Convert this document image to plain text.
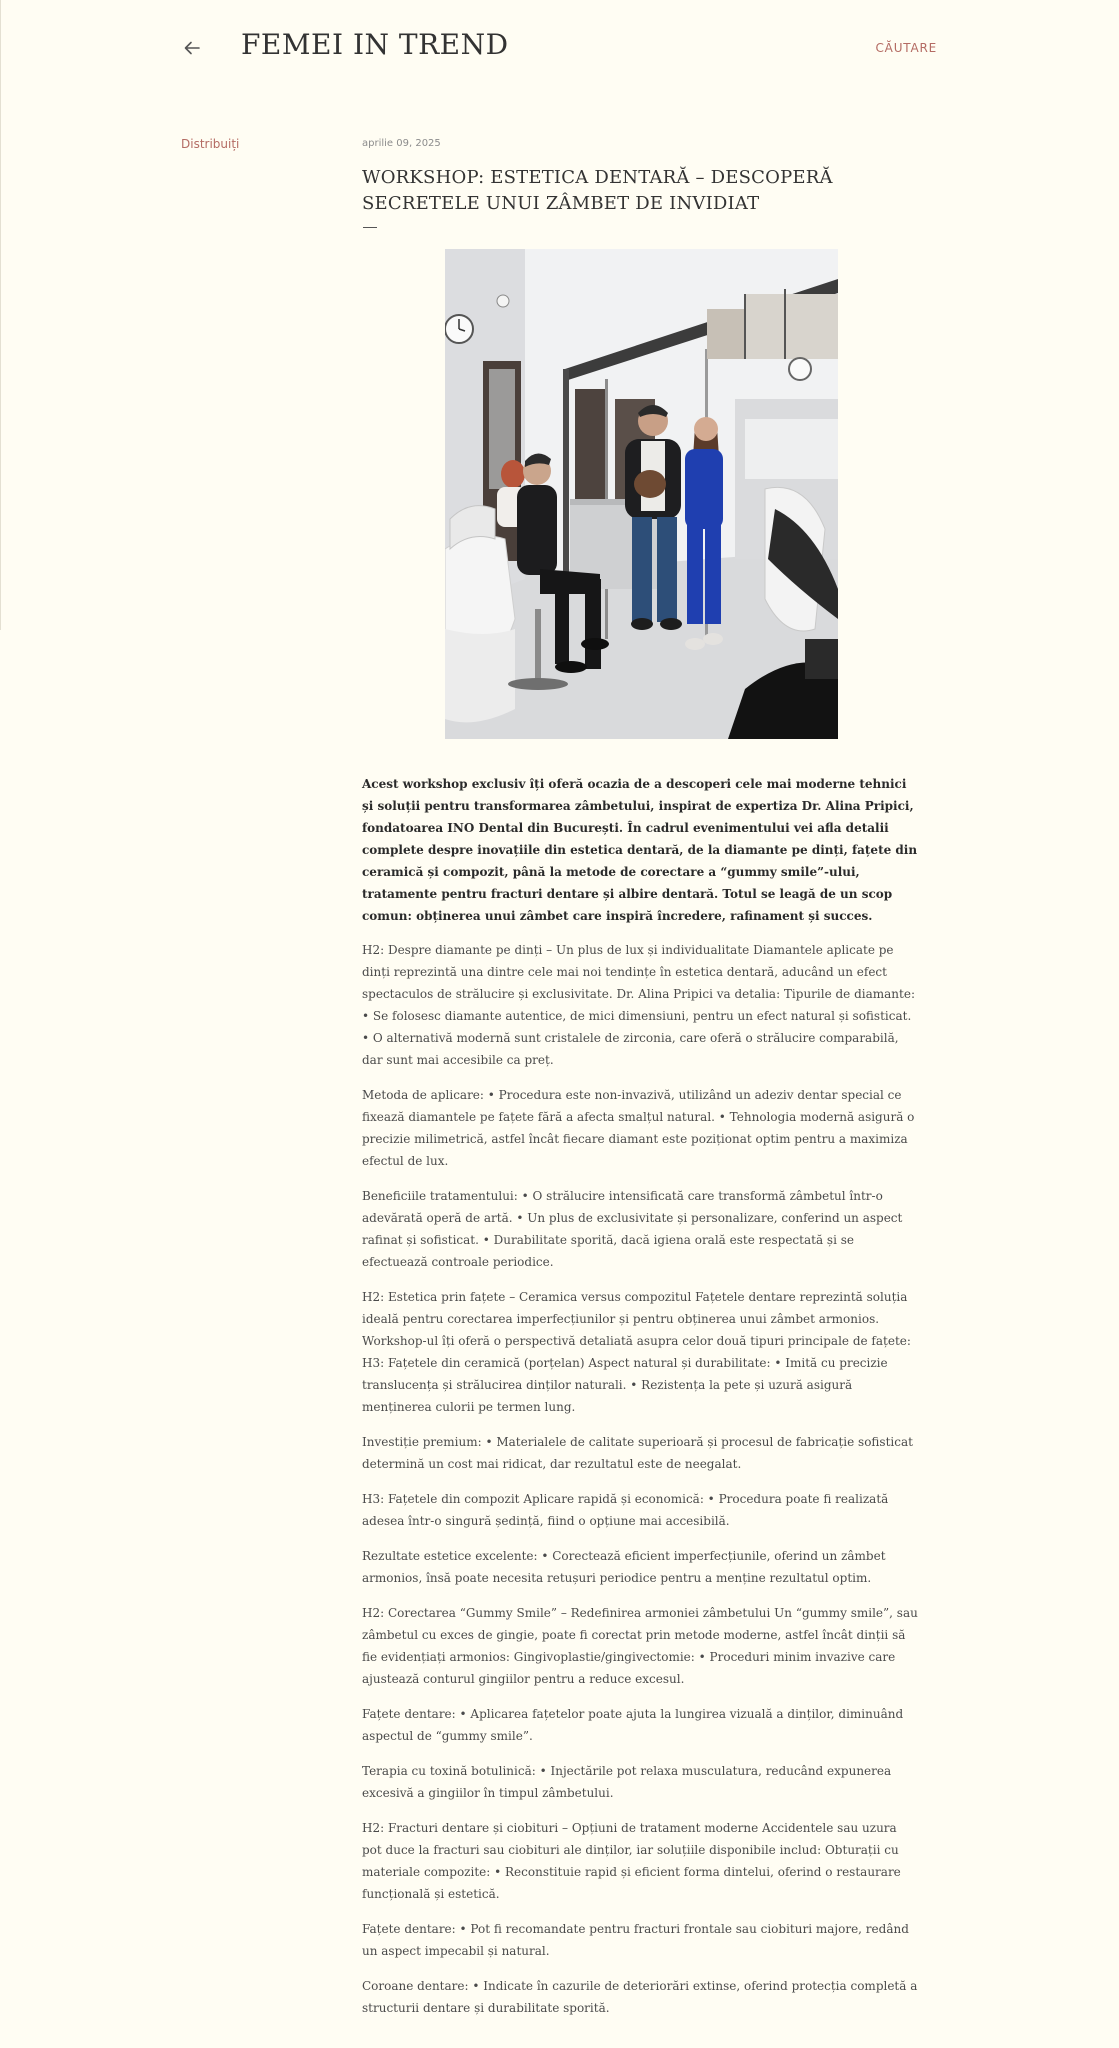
FEMEI IN TREND	CĂUTARE
Distribuiți	aprilie 09, 2025

WORKSHOP: ESTETICA DENTARĂ – DESCOPERĂ SECRETELE UNUI ZÂMBET DE INVIDIAT

Acest workshop exclusiv îți oferă ocazia de a descoperi cele mai moderne tehnici și soluții pentru transformarea zâmbetului, inspirat de expertiza Dr. Alina Pripici, fondatoarea INO Dental din București. În cadrul evenimentului vei afla detalii complete despre inovațiile din estetica dentară, de la diamante pe dinți, fațete din ceramică și compozit, până la metode de corectare a “gummy smile”-ului, tratamente pentru fracturi dentare și albire dentară. Totul se leagă de un scop comun: obținerea unui zâmbet care inspiră încredere, rafinament și succes.

H2: Despre diamante pe dinți – Un plus de lux și individualitate Diamantele aplicate pe dinți reprezintă una dintre cele mai noi tendințe în estetica dentară, aducând un efect spectaculos de strălucire și exclusivitate. Dr. Alina Pripici va detalia: Tipurile de diamante: • Se folosesc diamante autentice, de mici dimensiuni, pentru un efect natural și sofisticat. • O alternativă modernă sunt cristalele de zirconia, care oferă o strălucire comparabilă, dar sunt mai accesibile ca preț.

Metoda de aplicare: • Procedura este non-invazivă, utilizând un adeziv dentar special ce fixează diamantele pe fațete fără a afecta smalțul natural. • Tehnologia modernă asigură o precizie milimetrică, astfel încât fiecare diamant este poziționat optim pentru a maximiza efectul de lux.

Beneficiile tratamentului: • O strălucire intensificată care transformă zâmbetul într-o adevărată operă de artă. • Un plus de exclusivitate și personalizare, conferind un aspect rafinat și sofisticat. • Durabilitate sporită, dacă igiena orală este respectată și se efectuează controale periodice.

H2: Estetica prin fațete – Ceramica versus compozitul Fațetele dentare reprezintă soluția ideală pentru corectarea imperfecțiunilor și pentru obținerea unui zâmbet armonios. Workshop-ul îți oferă o perspectivă detaliată asupra celor două tipuri principale de fațete: H3: Fațetele din ceramică (porțelan) Aspect natural și durabilitate: • Imită cu precizie translucența și strălucirea dinților naturali. • Rezistența la pete și uzură asigură menținerea culorii pe termen lung.

Investiție premium: • Materialele de calitate superioară și procesul de fabricație sofisticat determină un cost mai ridicat, dar rezultatul este de neegalat.

H3: Fațetele din compozit Aplicare rapidă și economică: • Procedura poate fi realizată adesea într-o singură ședință, fiind o opțiune mai accesibilă.

Rezultate estetice excelente: • Corectează eficient imperfecțiunile, oferind un zâmbet armonios, însă poate necesita retușuri periodice pentru a menține rezultatul optim.

H2: Corectarea “Gummy Smile” – Redefinirea armoniei zâmbetului Un “gummy smile”, sau zâmbetul cu exces de gingie, poate fi corectat prin metode moderne, astfel încât dinții să fie evidențiați armonios: Gingivoplastie/gingivectomie: • Proceduri minim invazive care ajustează conturul gingiilor pentru a reduce excesul.

Fațete dentare: • Aplicarea fațetelor poate ajuta la lungirea vizuală a dinților, diminuând aspectul de “gummy smile”.

Terapia cu toxină botulinică: • Injectările pot relaxa musculatura, reducând expunerea excesivă a gingiilor în timpul zâmbetului.

H2: Fracturi dentare și ciobituri – Opțiuni de tratament moderne Accidentele sau uzura pot duce la fracturi sau ciobituri ale dinților, iar soluțiile disponibile includ: Obturații cu materiale compozite: • Reconstituie rapid și eficient forma dintelui, oferind o restaurare funcțională și estetică.

Fațete dentare: • Pot fi recomandate pentru fracturi frontale sau ciobituri majore, redând un aspect impecabil și natural.

Coroane dentare: • Indicate în cazurile de deteriorări extinse, oferind protecția completă a structurii dentare și durabilitate sporită.
